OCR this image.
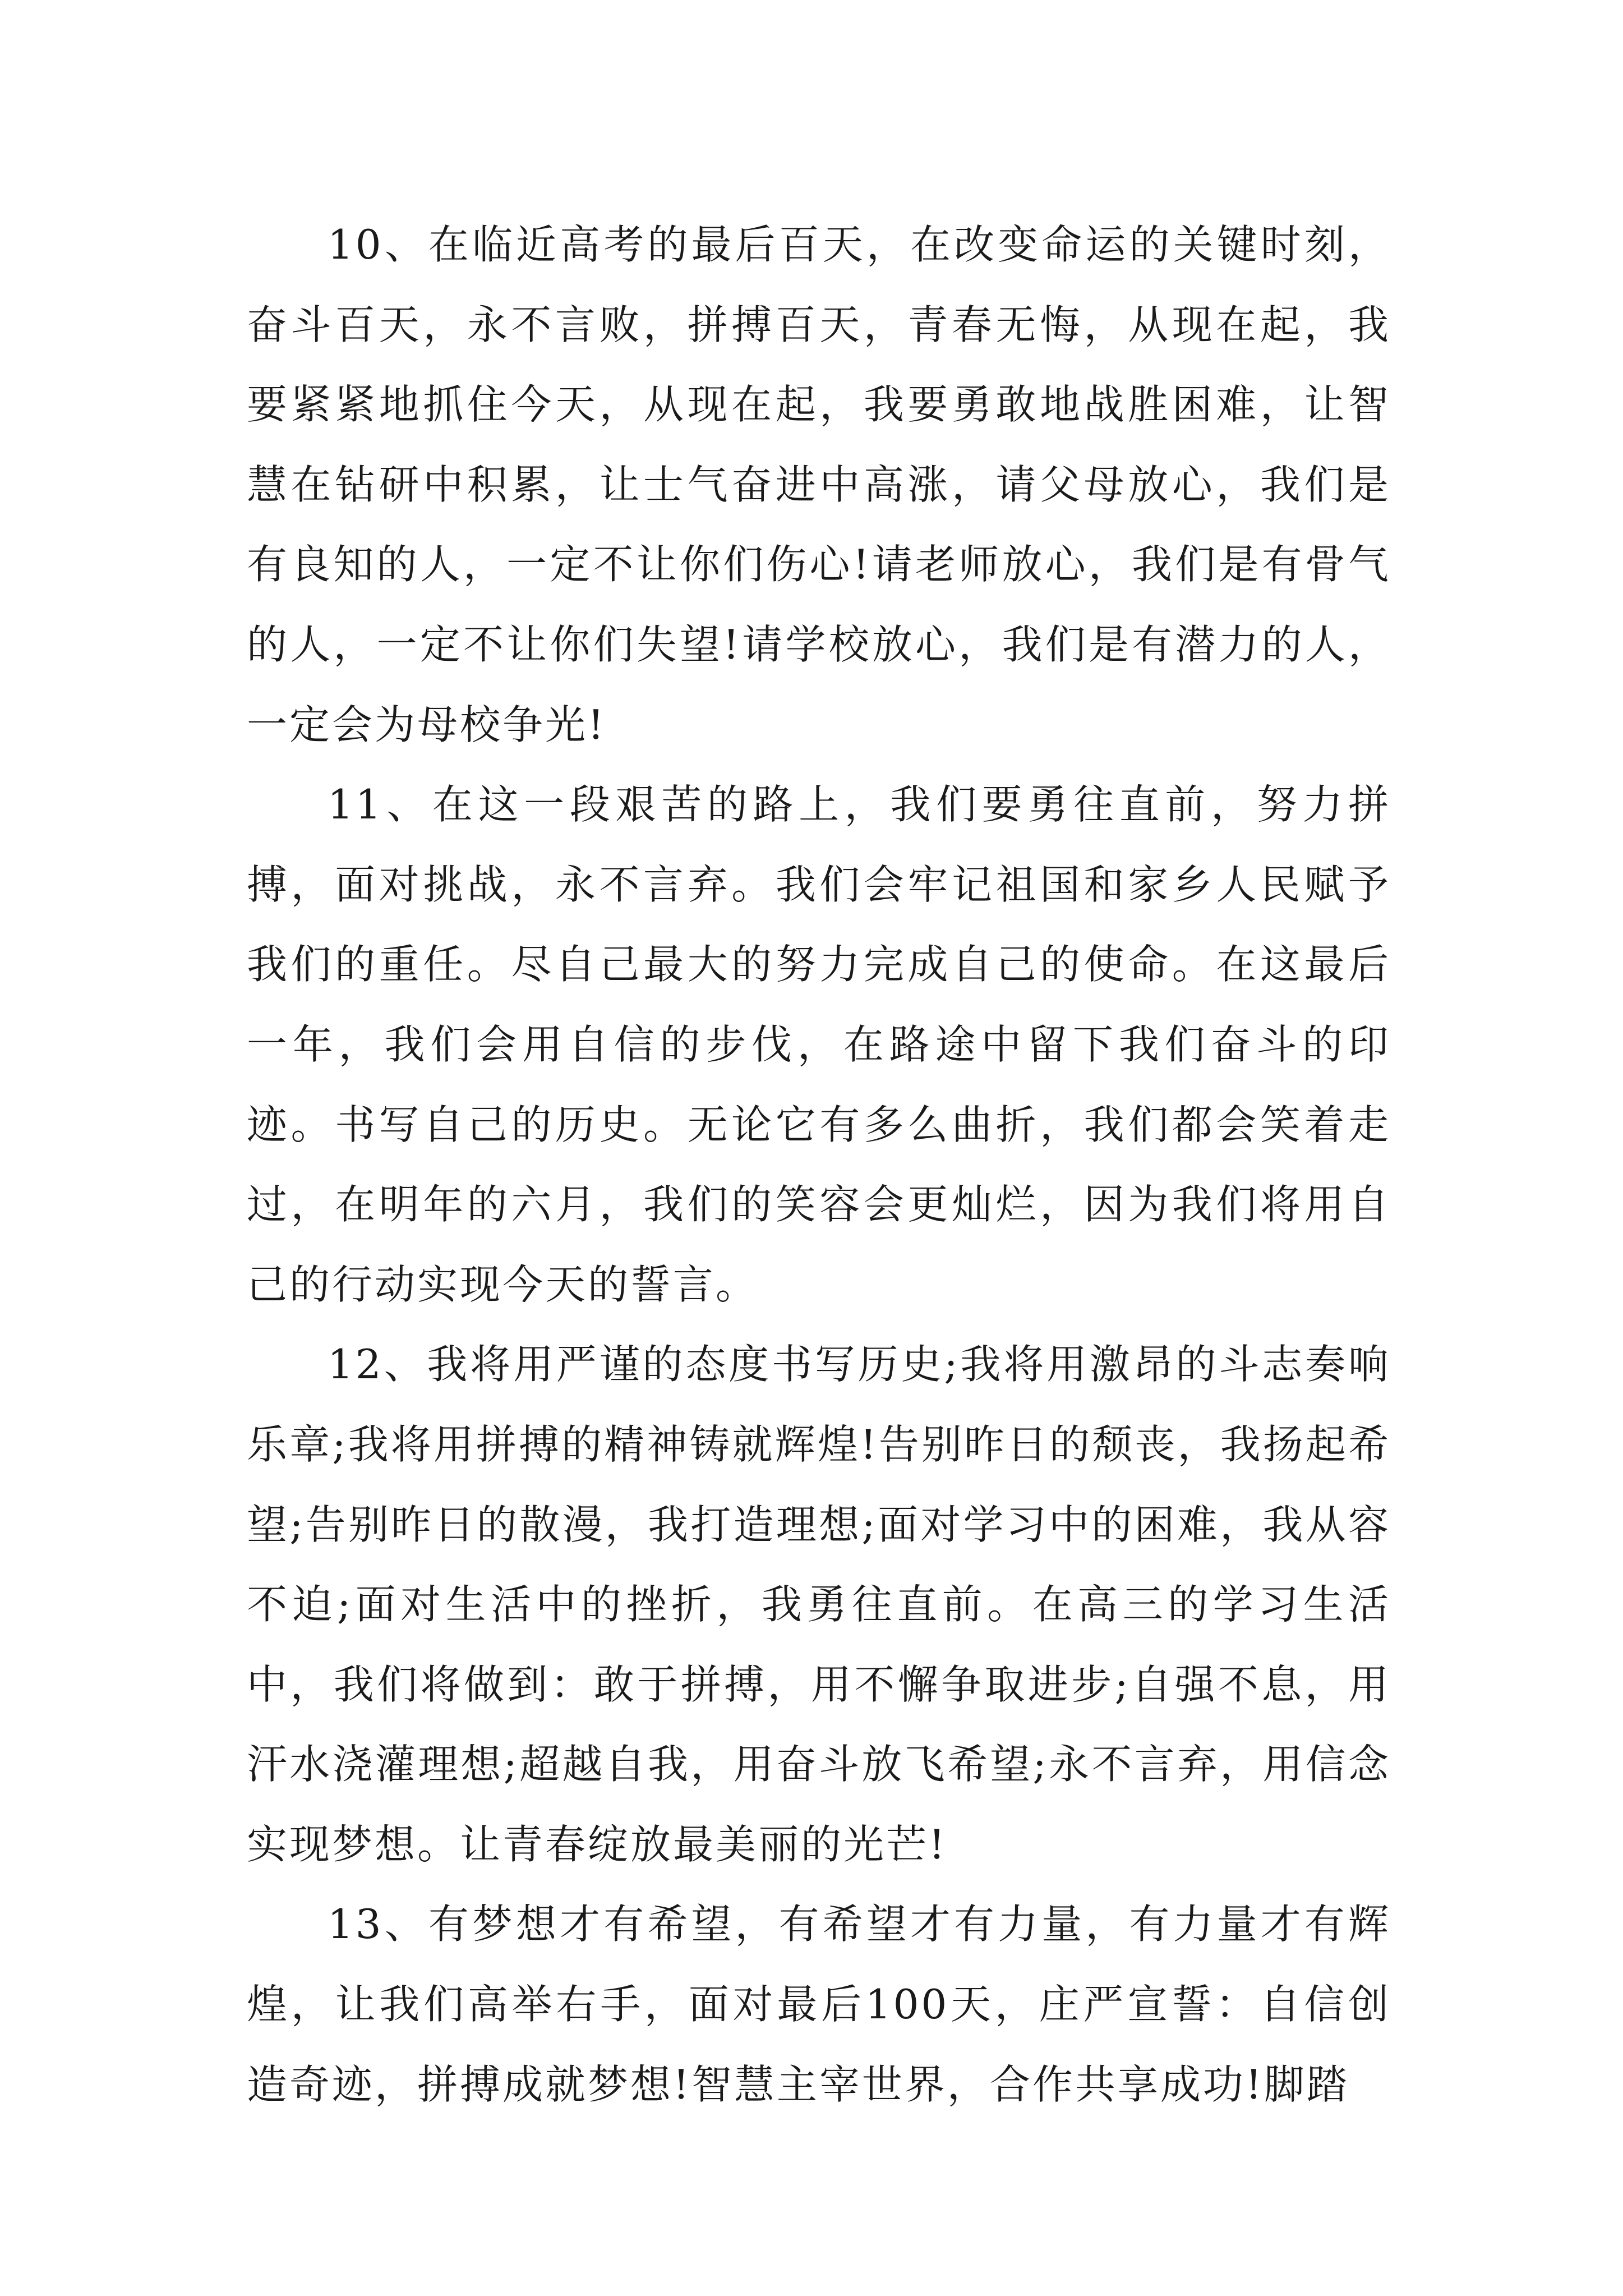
10、在临近高考的最后百天，在改变命运的关键时刻，奋斗百天，永不言败，拼搏百天，青春无悔，从现在起，我要紧紧地抓住今天，从现在起，我要勇敢地战胜困难，让智慧在钻研中积累，让士气奋进中高涨，请父母放心，我们是有良知的人，一定不让你们伤心!请老师放心，我们是有骨气的人，一定不让你们失望!请学校放心，我们是有潜力的人，一定会为母校争光!

11、在这一段艰苦的路上，我们要勇往直前，努力拼搏，面对挑战，永不言弃。我们会牢记祖国和家乡人民赋予我们的重任。尽自己最大的努力完成自己的使命。在这最后一年，我们会用自信的步伐，在路途中留下我们奋斗的印迹。书写自己的历史。无论它有多么曲折，我们都会笑着走过，在明年的六月，我们的笑容会更灿烂，因为我们将用自己的行动实现今天的誓言。

12、我将用严谨的态度书写历史;我将用激昂的斗志奏响乐章;我将用拼搏的精神铸就辉煌!告别昨日的颓丧，我扬起希望;告别昨日的散漫，我打造理想;面对学习中的困难，我从容不迫;面对生活中的挫折，我勇往直前。在高三的学习生活中，我们将做到：敢于拼搏，用不懈争取进步;自强不息，用汗水浇灌理想;超越自我，用奋斗放飞希望;永不言弃，用信念实现梦想。让青春绽放最美丽的光芒!

13、有梦想才有希望，有希望才有力量，有力量才有辉煌，让我们高举右手，面对最后100天，庄严宣誓：自信创造奇迹，拼搏成就梦想!智慧主宰世界，合作共享成功!脚踏
